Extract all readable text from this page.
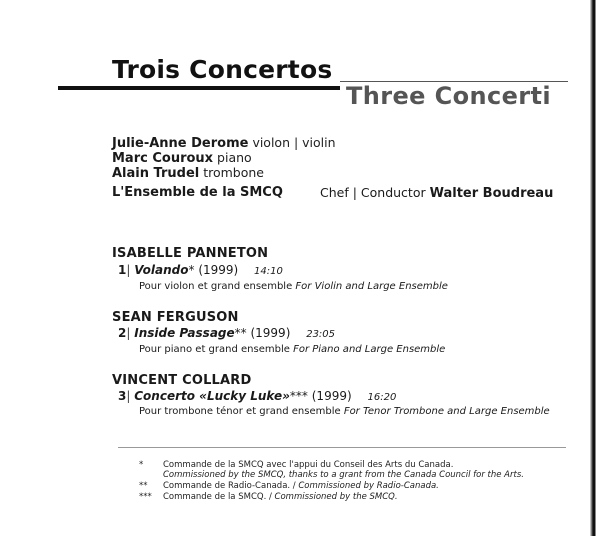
Trois Concertos
Three Concerti
Julie-Anne Derome violon | violin
Marc Couroux piano
Alain Trudel trombone
L'Ensemble de la SMCQ	Chef | Conductor Walter Boudreau
ISABELLE PANNETON
1| Volando* (1999) 14:10
Pour violon et grand ensemble For Violin and Large Ensemble
SEAN FERGUSON
2| Inside Passage** (1999) 23:05
Pour piano et grand ensemble For Piano and Large Ensemble
VINCENT COLLARD
3| Concerto «Lucky Luke»*** (1999) 16:20
Pour trombone ténor et grand ensemble For Tenor Trombone and Large Ensemble
* Commande de la SMCQ avec l'appui du Conseil des Arts du Canada.
Commissioned by the SMCQ, thanks to a grant from the Canada Council for the Arts.
** Commande de Radio-Canada. / Commissioned by Radio-Canada.
*** Commande de la SMCQ. / Commissioned by the SMCQ.
